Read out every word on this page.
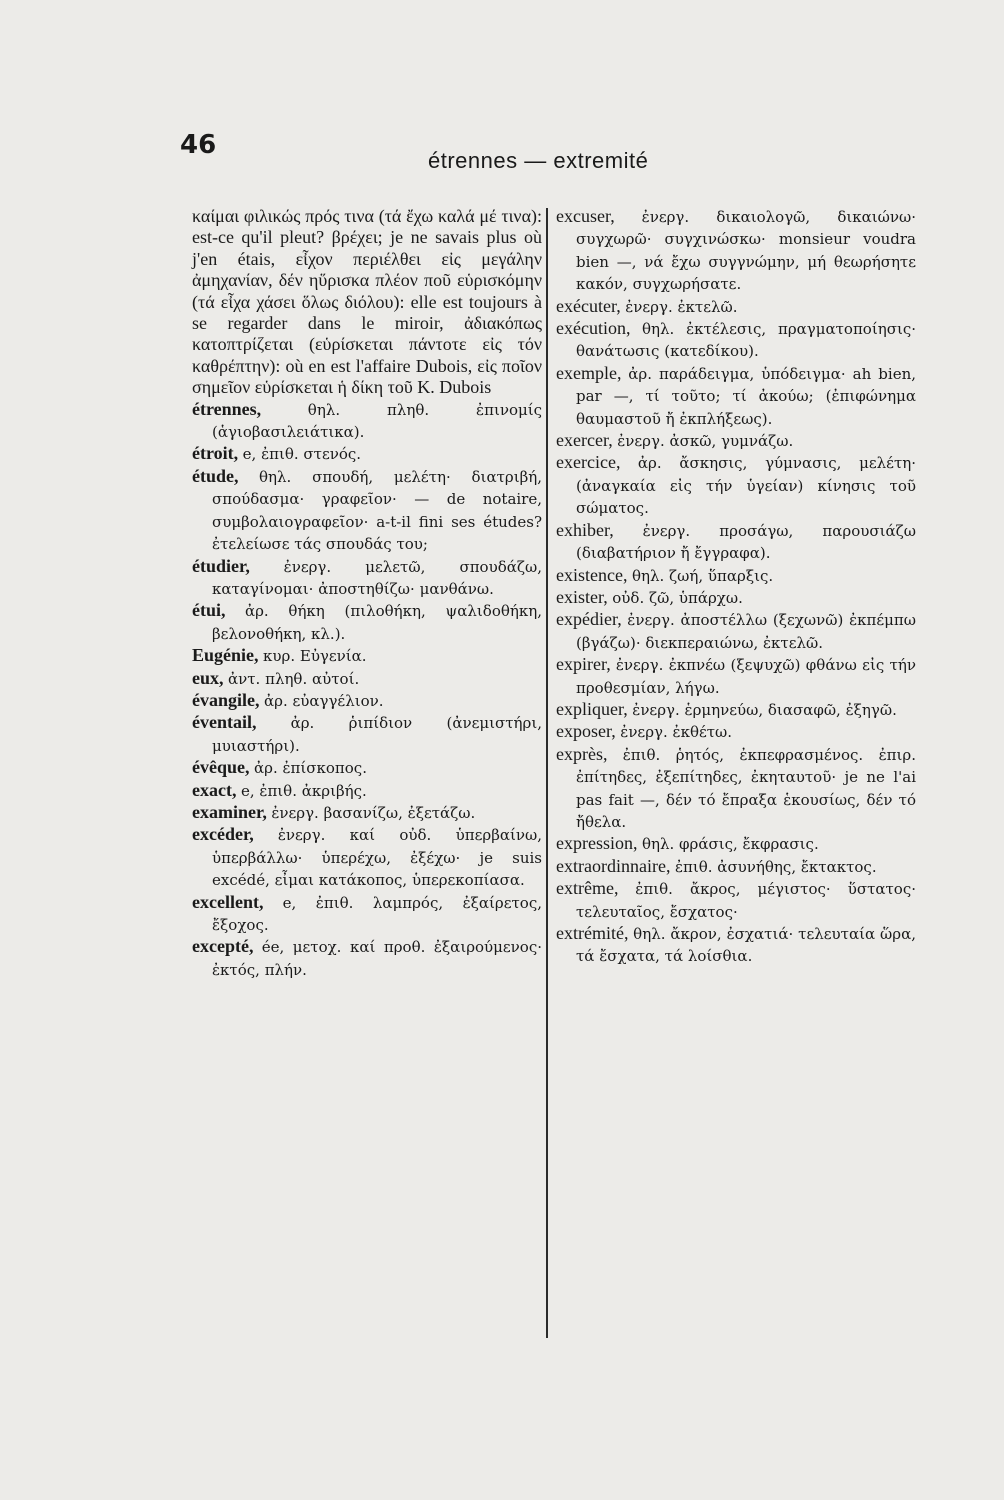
46
étrennes — extremité

καίμαι φιλικώς πρός τινα (τά ἔχω καλά μέ τινα): est-ce qu'il pleut? βρέχει; je ne savais plus où j'en étais, εἶχον περιέλθει εἰς μεγάλην ἀμηχανίαν, δέν ηὕρισκα πλέον ποῦ εὑρισκόμην (τά εἶχα χάσει ὅλως διόλου): elle est toujours à se regarder dans le miroir, ἀδιακόπως κατοπτρίζεται (εὑρίσκεται πάντοτε εἰς τόν καθρέπτην): où en est l'affaire Dubois, εἰς ποῖον σημεῖον εὑρίσκεται ἡ δίκη τοῦ Κ. Dubois

étrennes,	θηλ. πληθ. ἐπινομίς (ἁγιοβασιλειάτικα).

étroit, e, ἐπιθ. στενός.

étude, θηλ. σπουδή, μελέτη· διατριβή, σπούδασμα· γραφεῖον· — de notaire, συμβολαιογραφεῖον· a-t-il fini ses études? ἐτελείωσε τάς σπουδάς του;

étudier, ἐνεργ. μελετῶ, σπουδάζω, καταγίνομαι· ἀποστηθίζω· μανθάνω.

étui, ἀρ. θήκη (πιλοθήκη, ψαλιδοθήκη, βελονοθήκη, κλ.).

Eugénie, κυρ. Εὐγενία.

eux, ἀντ. πληθ. αὐτοί.

évangile, ἀρ. εὐαγγέλιον.

éventail, ἀρ. ῥιπίδιον (ἀνεμιστήρι, μυιαστήρι).

évêque, ἀρ. ἐπίσκοπος.

exact, e, ἐπιθ. ἀκριβής.

examiner, ἐνεργ. βασανίζω, ἐξετάζω.

excéder, ἐνεργ. καί οὐδ. ὑπερβαίνω, ὑπερβάλλω· ὑπερέχω, ἐξέχω· je suis excédé, εἶμαι κατάκοπος, ὑπερεκοπίασα.

excellent, e, ἐπιθ. λαμπρός, ἐξαίρετος, ἔξοχος.

excepté, ée, μετοχ. καί προθ. ἐξαιρούμενος· ἐκτός, πλήν.

excuser, ἐνεργ. δικαιολογῶ, δικαιώνω· συγχωρῶ· συγχινώσκω· monsieur voudra bien —, νά ἔχω συγγνώμην, μή θεωρήσητε κακόν, συγχωρήσατε.

exécuter, ἐνεργ. ἐκτελῶ.

exécution, θηλ. ἐκτέλεσις, πραγματοποίησις· θανάτωσις (κατεδίκου).

exemple, ἀρ. παράδειγμα, ὑπόδειγμα· ah bien, par —, τί τοῦτο; τί ἀκούω; (ἐπιφώνημα θαυμαστοῦ ἤ ἐκπλήξεως).

exercer, ἐνεργ. ἀσκῶ, γυμνάζω.

exercice, ἀρ. ἄσκησις, γύμνασις, μελέτη· (ἀναγκαία εἰς τήν ὑγείαν) κίνησις τοῦ σώματος.

exhiber, ἐνεργ. προσάγω, παρουσιάζω (διαβατήριον ἤ ἔγγραφα).

existence, θηλ. ζωή, ὕπαρξις.

exister, οὐδ. ζῶ, ὑπάρχω.

expédier, ἐνεργ. ἀποστέλλω (ξεχωνῶ) ἐκπέμπω (βγάζω)· διεκπεραιώνω, ἐκτελῶ.

expirer, ἐνεργ. ἐκπνέω (ξεψυχῶ) φθάνω εἰς τήν προθεσμίαν, λήγω.

expliquer, ἐνεργ. ἑρμηνεύω, διασαφῶ, ἐξηγῶ.

exposer, ἐνεργ. ἐκθέτω.

exprès, ἐπιθ. ῥητός, ἐκπεφρασμένος. ἐπιρ. ἐπίτηδες, ἐξεπίτηδες, ἐκηταυτοῦ· je ne l'ai pas fait —, δέν τό ἔπραξα ἑκουσίως, δέν τό ἤθελα.

expression, θηλ. φράσις, ἔκφρασις.

extraordinnaire, ἐπιθ. ἀσυνήθης, ἔκτακτος.

extrême, ἐπιθ. ἄκρος, μέγιστος· ὕστατος· τελευταῖος, ἔσχατος·

extrémité, θηλ. ἄκρον, ἐσχατιά· τελευταία ὥρα, τά ἔσχατα, τά λοίσθια.
